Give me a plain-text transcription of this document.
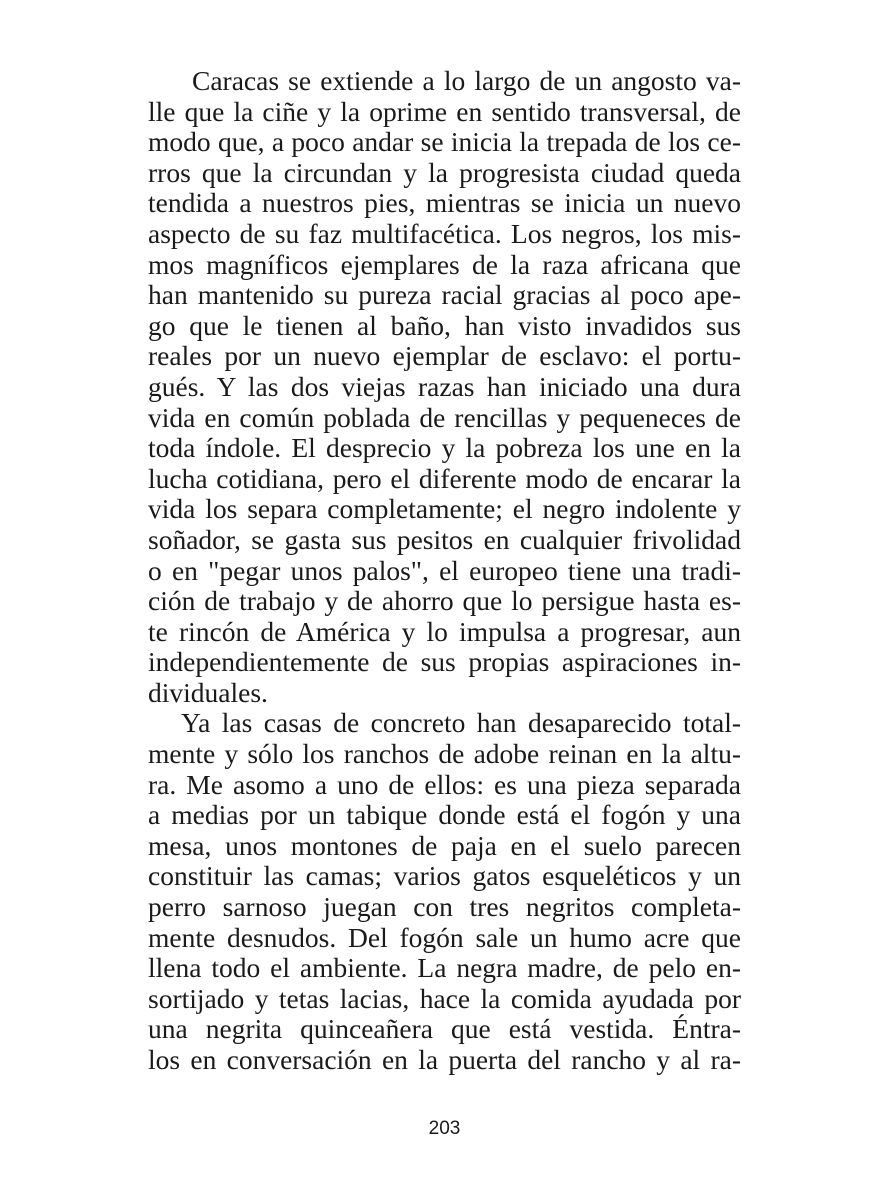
Caracas se extiende a lo largo de un angosto va-
lle que la ciñe y la oprime en sentido transversal, de
modo que, a poco andar se inicia la trepada de los ce-
rros que la circundan y la progresista ciudad queda
tendida a nuestros pies, mientras se inicia un nuevo
aspecto de su faz multifacética. Los negros, los mis-
mos magníficos ejemplares de la raza africana que
han mantenido su pureza racial gracias al poco ape-
go que le tienen al baño, han visto invadidos sus
reales por un nuevo ejemplar de esclavo: el portu-
gués. Y las dos viejas razas han iniciado una dura
vida en común poblada de rencillas y pequeneces de
toda índole. El desprecio y la pobreza los une en la
lucha cotidiana, pero el diferente modo de encarar la
vida los separa completamente; el negro indolente y
soñador, se gasta sus pesitos en cualquier frivolidad
o en "pegar unos palos", el europeo tiene una tradi-
ción de trabajo y de ahorro que lo persigue hasta es-
te rincón de América y lo impulsa a progresar, aun
independientemente de sus propias aspiraciones in-
dividuales.
Ya las casas de concreto han desaparecido total-
mente y sólo los ranchos de adobe reinan en la altu-
ra. Me asomo a uno de ellos: es una pieza separada
a medias por un tabique donde está el fogón y una
mesa, unos montones de paja en el suelo parecen
constituir las camas; varios gatos esqueléticos y un
perro sarnoso juegan con tres negritos completa-
mente desnudos. Del fogón sale un humo acre que
llena todo el ambiente. La negra madre, de pelo en-
sortijado y tetas lacias, hace la comida ayudada por
una negrita quinceañera que está vestida. Éntra-
los en conversación en la puerta del rancho y al ra-
203
